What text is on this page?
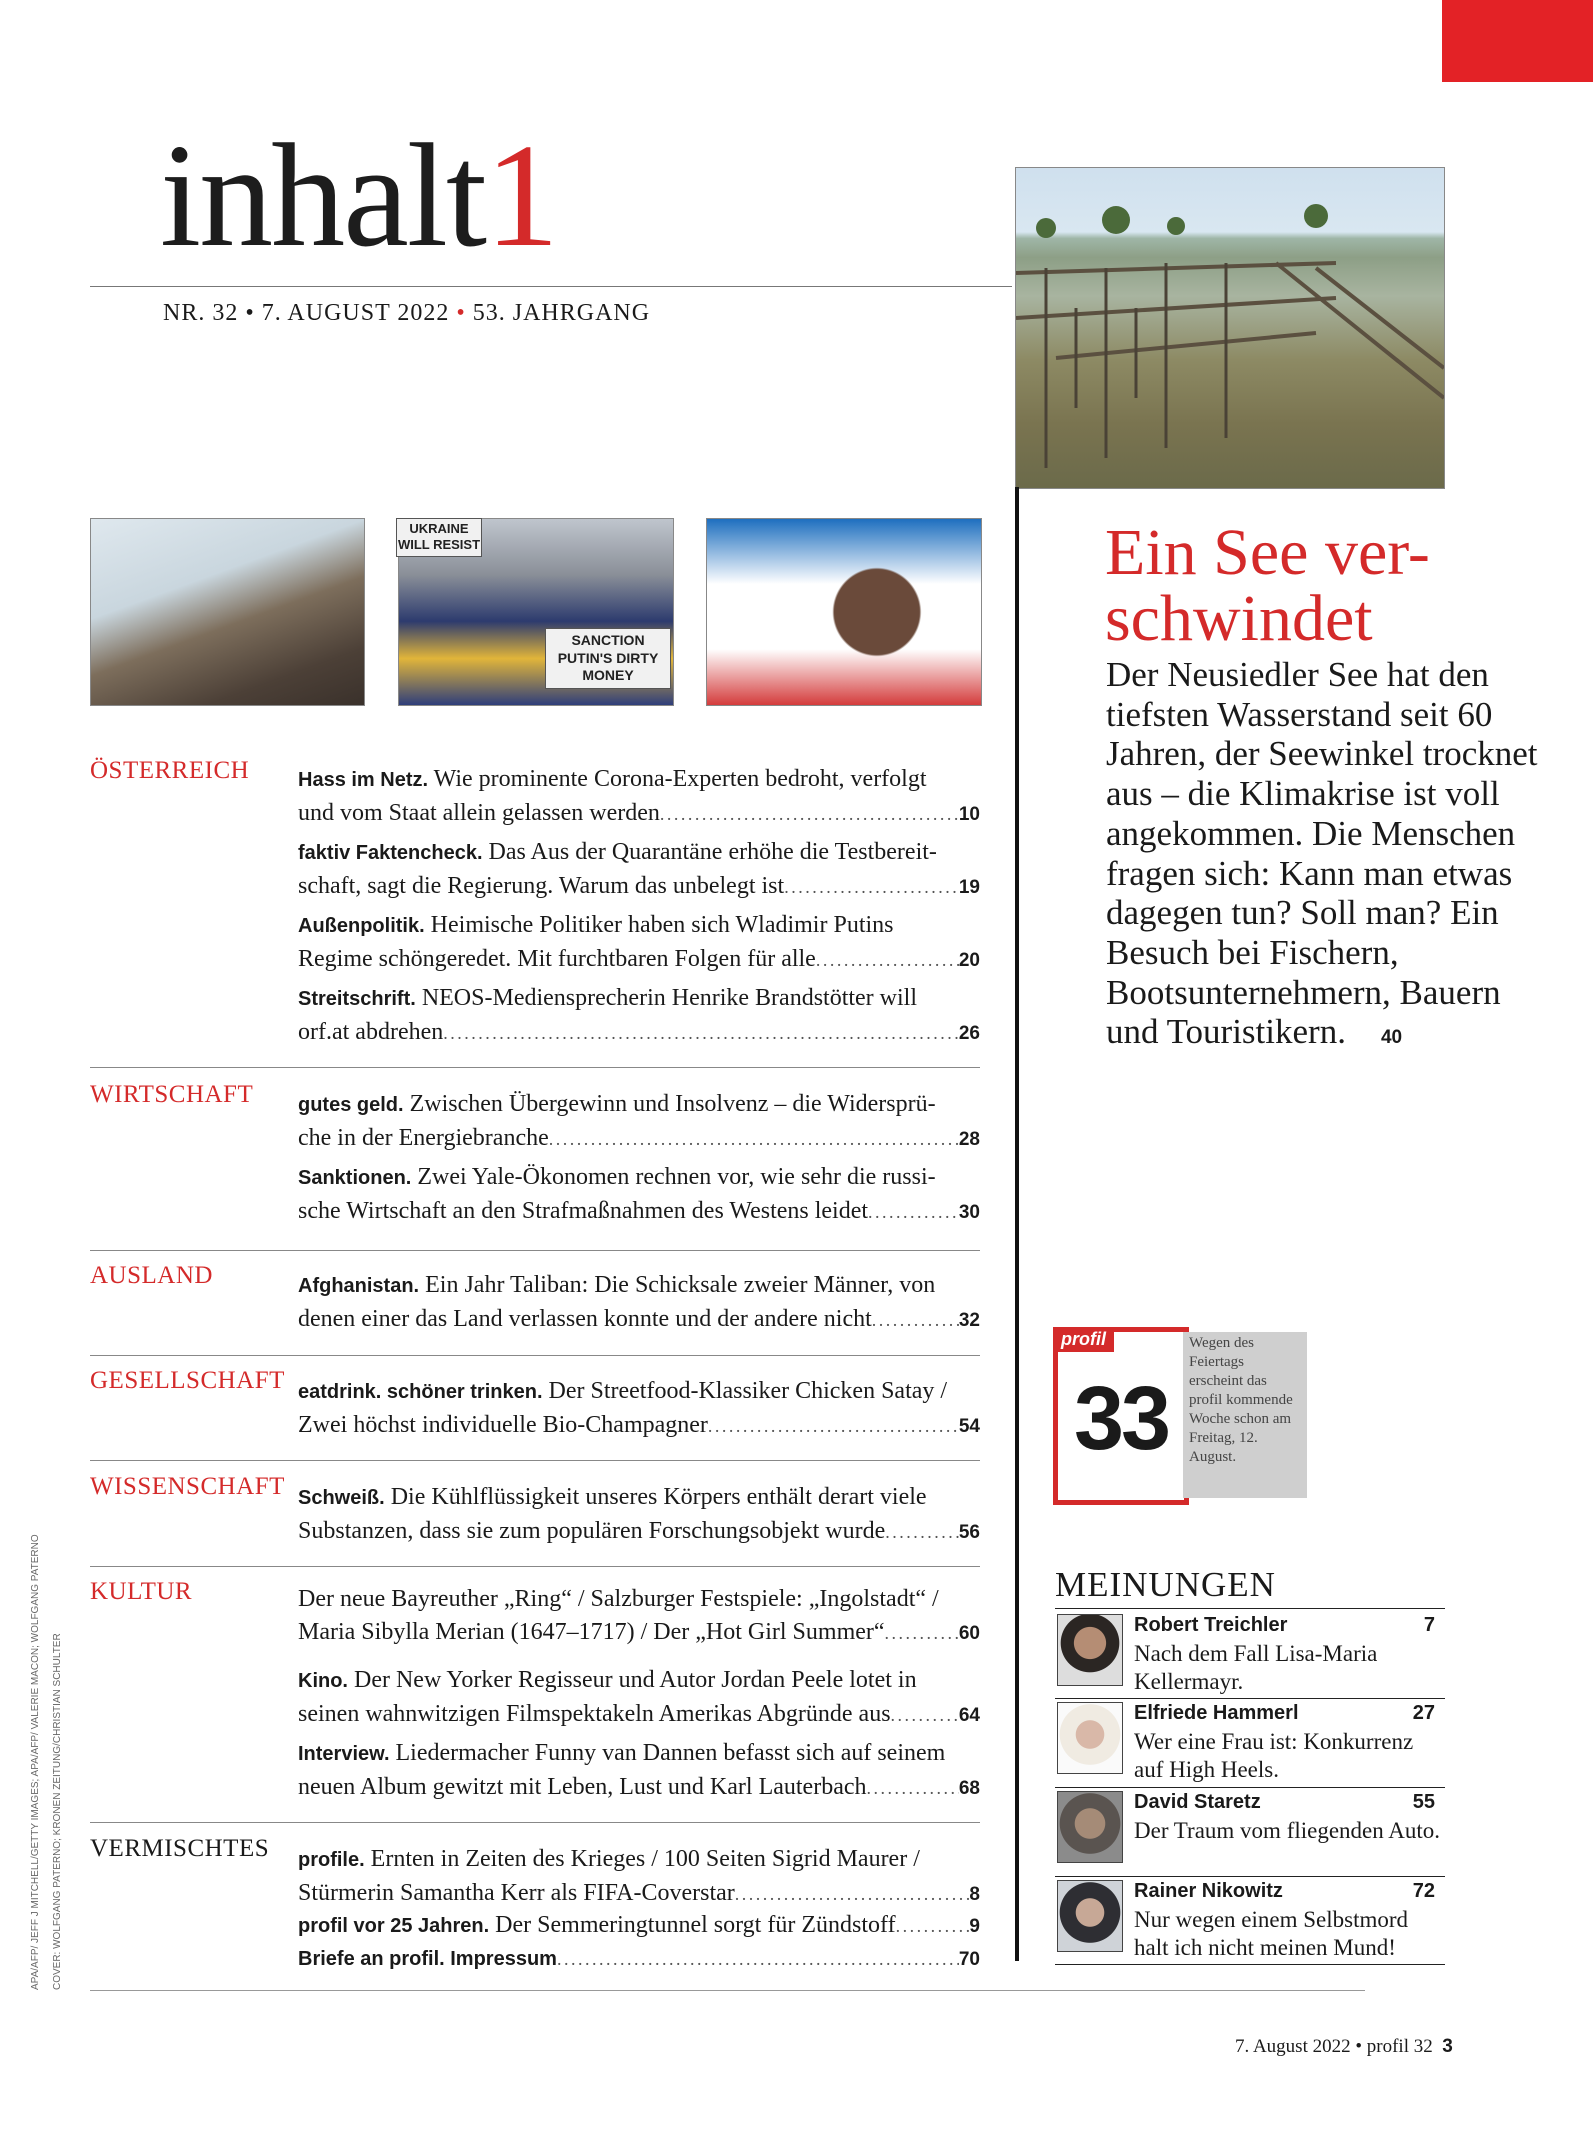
inhalt1
NR. 32 • 7. AUGUST 2022 • 53. JAHRGANG
UKRAINE WILL RESIST
SANCTION PUTIN'S DIRTY MONEY
ÖSTERREICH Hass im Netz. Wie prominente Corona-Experten bedroht, verfolgt
und vom Staat allein gelassen werden . . .	10
faktiv Faktencheck. Das Aus der Quarantäne erhöhe die Testbereit-
schaft, sagt die Regierung. Warum das unbelegt ist . . .	19
Außenpolitik. Heimische Politiker haben sich Wladimir Putins
Regime schöngeredet. Mit furchtbaren Folgen für alle . . .	20
Streitschrift. NEOS-Mediensprecherin Henrike Brandstötter will
orf.at abdrehen . . .	26
WIRTSCHAFT gutes geld. Zwischen Übergewinn und Insolvenz – die Widersprü-
che in der Energiebranche . . .	28
Sanktionen. Zwei Yale-Ökonomen rechnen vor, wie sehr die russi-
sche Wirtschaft an den Strafmaßnahmen des Westens leidet . . .	30
AUSLAND	Afghanistan. Ein Jahr Taliban: Die Schicksale zweier Männer, von
denen einer das Land verlassen konnte und der andere nicht . . .	32
GESELLSCHAFT eatdrink. schöner trinken. Der Streetfood-Klassiker Chicken Satay /
Zwei höchst individuelle Bio-Champagner . . .	54
WISSENSCHAFT Schweiß. Die Kühlflüssigkeit unseres Körpers enthält derart viele
Substanzen, dass sie zum populären Forschungsobjekt wurde . . .	56
KULTUR	Der neue Bayreuther „Ring“ / Salzburger Festspiele: „Ingolstadt“ /
Maria Sibylla Merian (1647–1717) / Der „Hot Girl Summer“ . . .	60
Kino. Der New Yorker Regisseur und Autor Jordan Peele lotet in
seinen wahnwitzigen Filmspektakeln Amerikas Abgründe aus . . .	64
Interview. Liedermacher Funny van Dannen befasst sich auf seinem
neuen Album gewitzt mit Leben, Lust und Karl Lauterbach . . .	68
VERMISCHTES profile. Ernten in Zeiten des Krieges / 100 Seiten Sigrid Maurer /
Stürmerin Samantha Kerr als FIFA-Coverstar . . .	8
profil vor 25 Jahren.
Der Semmeringtunnel sorgt für Zündstoff . . .	9
Briefe an profil. Impressum . . .	70
Ein See ver-schwindet
Der Neusiedler See hat den tiefsten Wasserstand seit 60 Jahren, der Seewinkel trocknet aus – die Klimakrise ist voll angekommen. Die Menschen fragen sich: Kann man etwas dagegen tun? Soll man? Ein Besuch bei Fischern, Bootsunternehmern, Bauern und Touristikern. 40
profil
33
Wegen des Feiertags erscheint das profil kommende Woche schon am Freitag, 12. August.
MEINUNGEN
Robert Treichler	7
Nach dem Fall Lisa-Maria Kellermayr.
Elfriede Hammerl	27
Wer eine Frau ist: Konkurrenz auf High Heels.
David Staretz	55
Der Traum vom fliegenden Auto.
Rainer Nikowitz	72
Nur wegen einem Selbstmord halt ich nicht meinen Mund!
7. August 2022 • profil 32 3
APA/AFP/ JEFF J MITCHELL/GETTY IMAGES; APA/AFP/ VALERIE MACON; WOLFGANG PATERNO COVER: WOLFGANG PATERNO; KRONEN ZEITUNG/CHRISTIAN SCHULTER
